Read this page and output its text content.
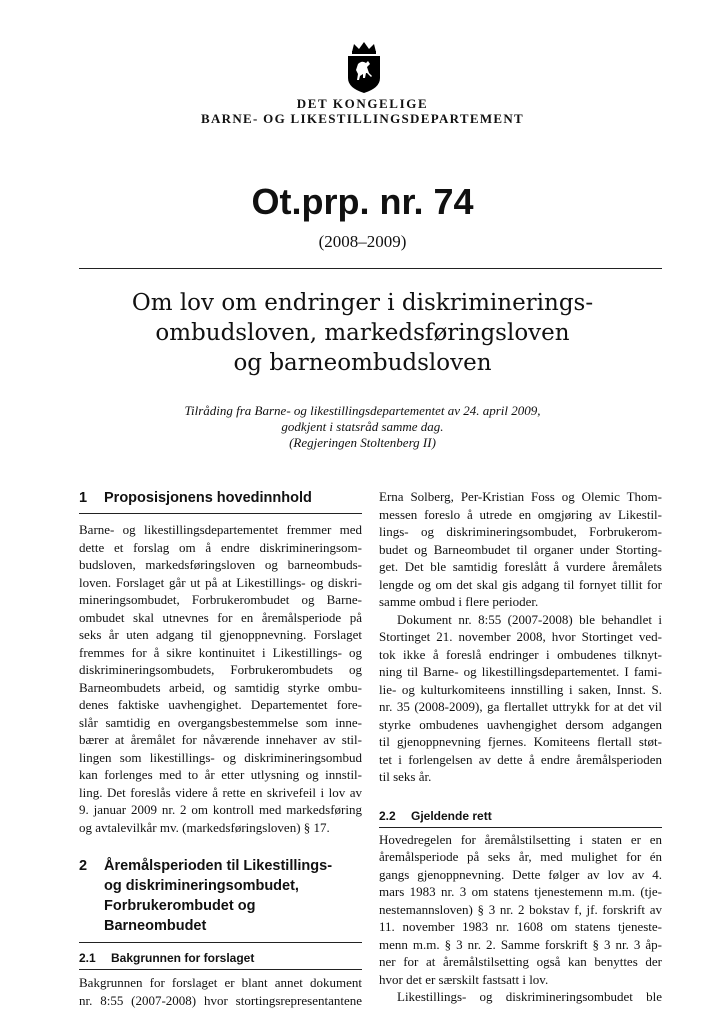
DET KONGELIGE
BARNE- OG LIKESTILLINGSDEPARTEMENT
Ot.prp. nr. 74
(2008–2009)
Om lov om endringer i diskriminerings-
ombudsloven, markedsføringsloven
og barneombudsloven
Tilråding fra Barne- og likestillingsdepartementet av 24. april 2009,
godkjent i statsråd samme dag.
(Regjeringen Stoltenberg II)
1	Proposisjonens hovedinnhold
Barne- og likestillingsdepartementet fremmer med
dette et forslag om å endre diskrimineringsom-
budsloven, markedsføringsloven og barneombuds-
loven. Forslaget går ut på at Likestillings- og diskri-
mineringsombudet, Forbrukerombudet og Barne-
ombudet skal utnevnes for en åremålsperiode på
seks år uten adgang til gjenoppnevning. Forslaget
fremmes for å sikre kontinuitet i Likestillings- og
diskrimineringsombudets, Forbrukerombudets og
Barneombudets arbeid, og samtidig styrke ombu-
denes faktiske uavhengighet. Departementet fore-
slår samtidig en overgangsbestemmelse som inne-
bærer at åremålet for nåværende innehaver av stil-
lingen som likestillings- og diskrimineringsombud
kan forlenges med to år etter utlysning og innstil-
ling. Det foreslås videre å rette en skrivefeil i lov av
9. januar 2009 nr. 2 om kontroll med markedsføring
og avtalevilkår mv. (markedsføringsloven) § 17.
2	Åremålsperioden til Likestillings-
og diskrimineringsombudet,
Forbrukerombudet og
Barneombudet
2.1	Bakgrunnen for forslaget
Bakgrunnen for forslaget er blant annet dokument
nr. 8:55 (2007-2008) hvor stortingsrepresentantene
Erna Solberg, Per-Kristian Foss og Olemic Thom-
messen foreslo å utrede en omgjøring av Likestil-
lings- og diskrimineringsombudet, Forbrukerom-
budet og Barneombudet til organer under Storting-
get. Det ble samtidig foreslått å vurdere åremålets
lengde og om det skal gis adgang til fornyet tillit for
samme ombud i flere perioder.
Dokument nr. 8:55 (2007-2008) ble behandlet i
Stortinget 21. november 2008, hvor Stortinget ved-
tok ikke å foreslå endringer i ombudenes tilknyt-
ning til Barne- og likestillingsdepartementet. I fami-
lie- og kulturkomiteens innstilling i saken, Innst. S.
nr. 35 (2008-2009), ga flertallet uttrykk for at det vil
styrke ombudenes uavhengighet dersom adgangen
til gjenoppnevning fjernes. Komiteens flertall støt-
tet i forlengelsen av dette å endre åremålsperioden
til seks år.
2.2	Gjeldende rett
Hovedregelen for åremålstilsetting i staten er en
åremålsperiode på seks år, med mulighet for én
gangs gjenoppnevning. Dette følger av lov av 4.
mars 1983 nr. 3 om statens tjenestemenn m.m. (tje-
nestemannsloven) § 3 nr. 2 bokstav f, jf. forskrift av
11. november 1983 nr. 1608 om statens tjeneste-
menn m.m. § 3 nr. 2. Samme forskrift § 3 nr. 3 åp-
ner for at åremålstilsetting også kan benyttes der
hvor det er særskilt fastsatt i lov.
Likestillings- og diskrimineringsombudet ble
